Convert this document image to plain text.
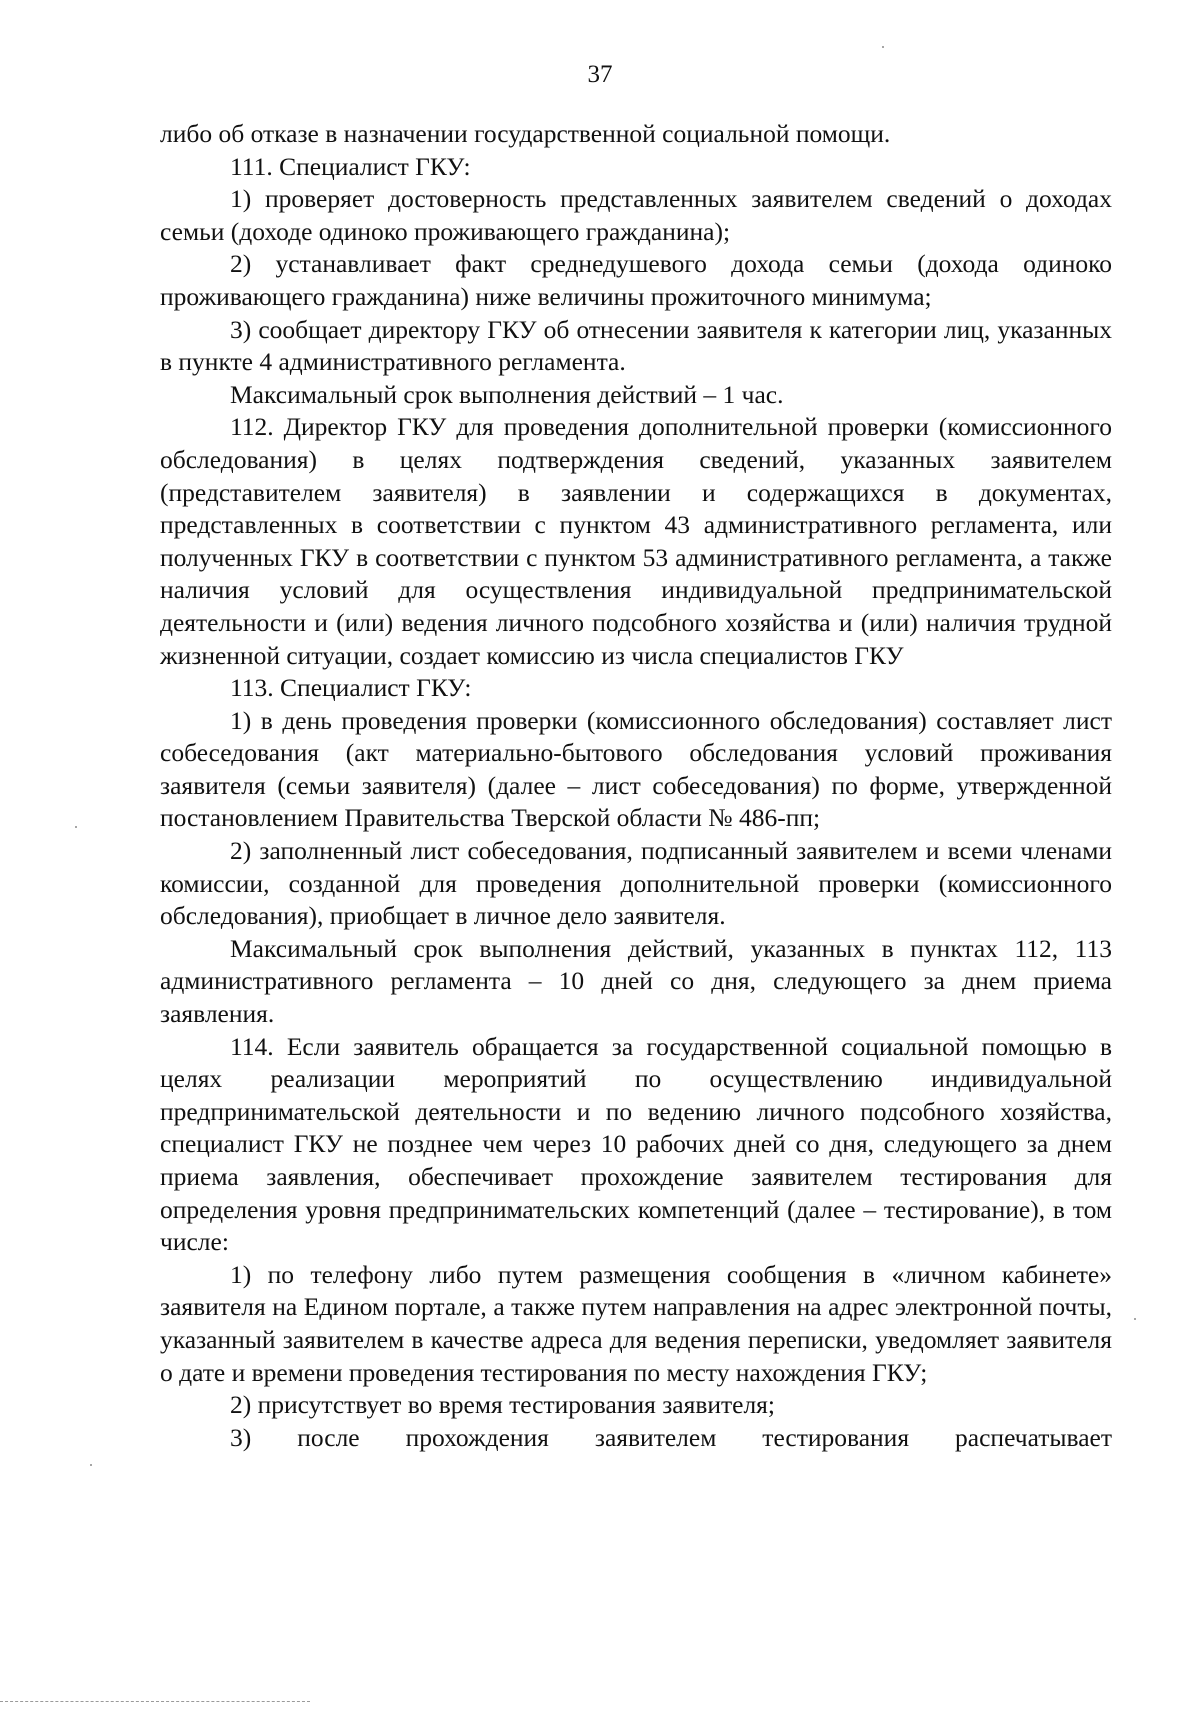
37

либо об отказе в назначении государственной социальной помощи.

111. Специалист ГКУ:

1) проверяет достоверность представленных заявителем сведений о доходах семьи (доходе одиноко проживающего гражданина);

2) устанавливает факт среднедушевого дохода семьи (дохода одиноко проживающего гражданина) ниже величины прожиточного минимума;

3) сообщает директору ГКУ об отнесении заявителя к категории лиц, указанных в пункте 4 административного регламента.

Максимальный срок выполнения действий – 1 час.

112. Директор ГКУ для проведения дополнительной проверки (комиссионного обследования) в целях подтверждения сведений, указанных заявителем (представителем заявителя) в заявлении и содержащихся в документах, представленных в соответствии с пунктом 43 административного регламента, или полученных ГКУ в соответствии с пунктом 53 административного регламента, а также наличия условий для осуществления индивидуальной предпринимательской деятельности и (или) ведения личного подсобного хозяйства и (или) наличия трудной жизненной ситуации, создает комиссию из числа специалистов ГКУ

113. Специалист ГКУ:

1) в день проведения проверки (комиссионного обследования) составляет лист собеседования (акт материально-бытового обследования условий проживания заявителя (семьи заявителя) (далее – лист собеседования) по форме, утвержденной постановлением Правительства Тверской области № 486-пп;

2) заполненный лист собеседования, подписанный заявителем и всеми членами комиссии, созданной для проведения дополнительной проверки (комиссионного обследования), приобщает в личное дело заявителя.

Максимальный срок выполнения действий, указанных в пунктах 112, 113 административного регламента – 10 дней со дня, следующего за днем приема заявления.

114. Если заявитель обращается за государственной социальной помощью в целях реализации мероприятий по осуществлению индивидуальной предпринимательской деятельности и по ведению личного подсобного хозяйства, специалист ГКУ не позднее чем через 10 рабочих дней со дня, следующего за днем приема заявления, обеспечивает прохождение заявителем тестирования для определения уровня предпринимательских компетенций (далее – тестирование), в том числе:

1) по телефону либо путем размещения сообщения в «личном кабинете» заявителя на Едином портале, а также путем направления на адрес электронной почты, указанный заявителем в качестве адреса для ведения переписки, уведомляет заявителя о дате и времени проведения тестирования по месту нахождения ГКУ;

2) присутствует во время тестирования заявителя;

3) после прохождения заявителем тестирования распечатывает
